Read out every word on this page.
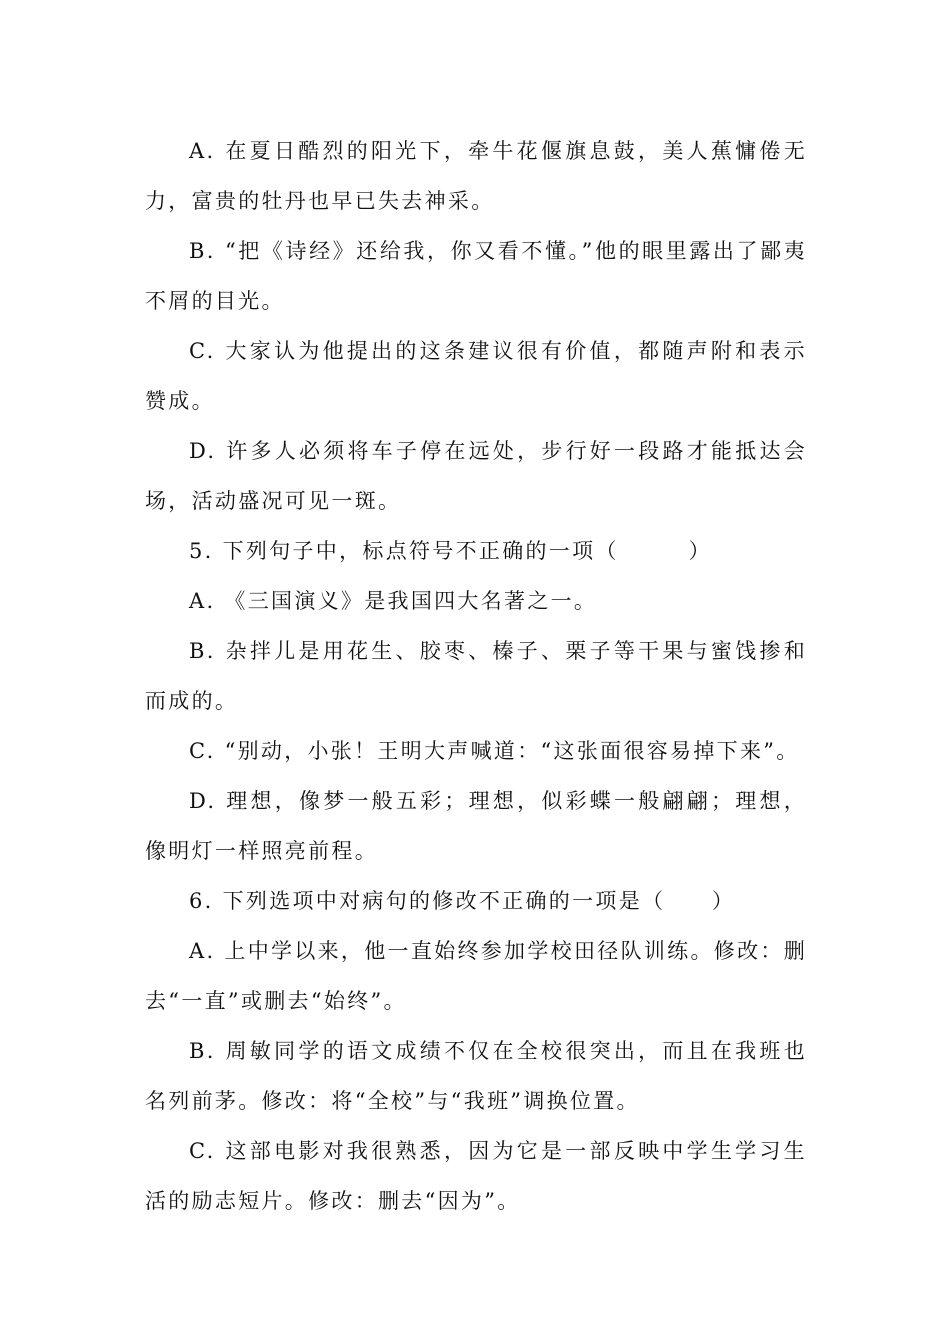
A. 在夏日酷烈的阳光下，牵牛花偃旗息鼓，美人蕉慵倦无力，富贵的牡丹也早已失去神采。

B. “把《诗经》还给我，你又看不懂。”他的眼里露出了鄙夷不屑的目光。

C. 大家认为他提出的这条建议很有价值，都随声附和表示赞成。

D. 许多人必须将车子停在远处，步行好一段路才能抵达会场，活动盛况可见一斑。

5. 下列句子中，标点符号不正确的一项（　　　）

A. 《三国演义》是我国四大名著之一。

B. 杂拌儿是用花生、胶枣、榛子、栗子等干果与蜜饯掺和而成的。

C. “别动，小张！王明大声喊道：“这张面很容易掉下来”。

D. 理想，像梦一般五彩；理想，似彩蝶一般翩翩；理想，像明灯一样照亮前程。

6. 下列选项中对病句的修改不正确的一项是（　　）

A. 上中学以来，他一直始终参加学校田径队训练。修改：删去“一直”或删去“始终”。

B. 周敏同学的语文成绩不仅在全校很突出，而且在我班也名列前茅。修改：将“全校”与“我班”调换位置。

C. 这部电影对我很熟悉，因为它是一部反映中学生学习生活的励志短片。修改：删去“因为”。
